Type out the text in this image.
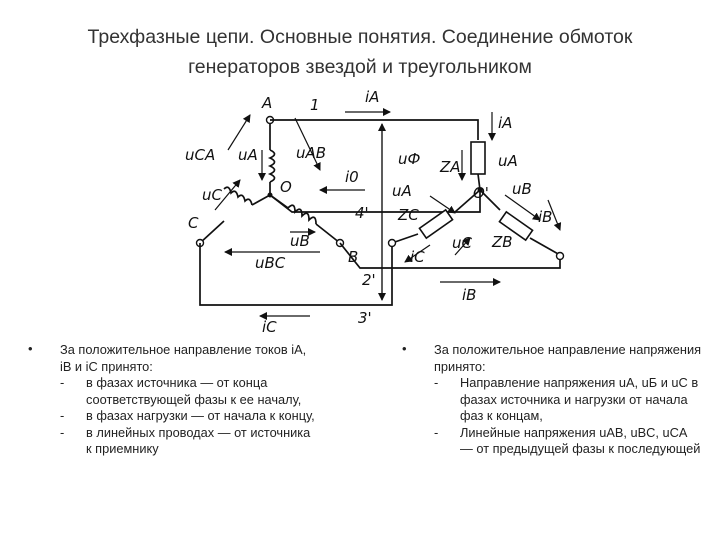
Трехфазные цепи. Основные понятия. Соединение обмоток
генераторов звездой и треугольником
A
B
C
O	O'
1
4'
2'
3'
iA
iA
i0
iC
iB
uCA uA	uAB
uC
uB
uBC
uФ
uA
ZA uA
uB
iB
ZC
ZB
uC
iC
• За положительное направление токов iA, iB и iC принято:
- в фазах источника — от конца соответствующей фазы к ее началу,
- в фазах нагрузки — от начала к концу,
- в линейных проводах — от источника к приемнику
• За положительное направление напряжения принято:
- Направление напряжения uA, uБ и uC в фазах источника и нагрузки от начала фаз к концам,
- Линейные напряжения uAB, uBC, uCA — от предыдущей фазы к последующей
